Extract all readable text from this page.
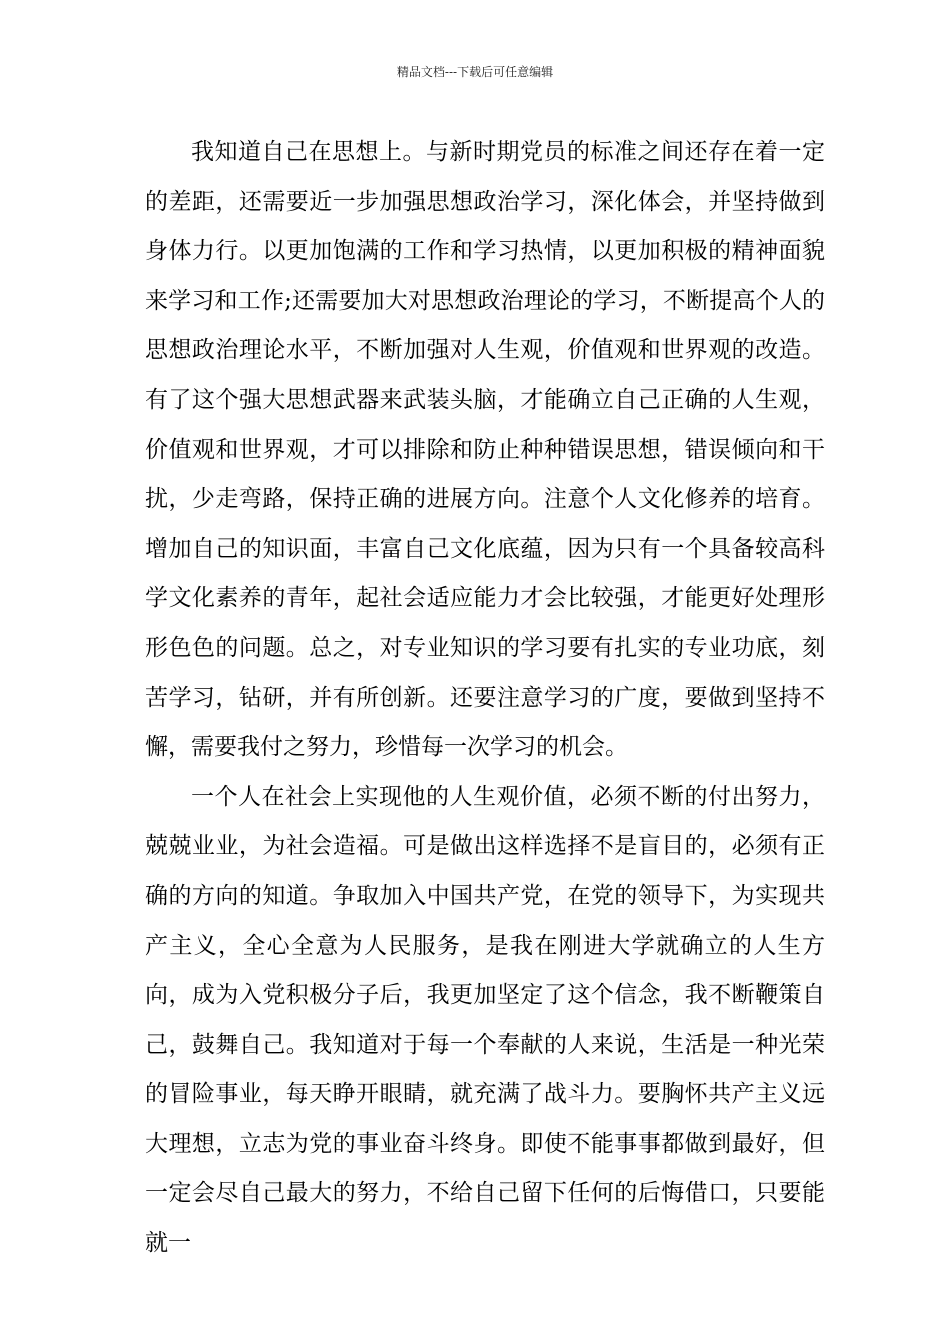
精品文档---下载后可任意编辑

我知道自己在思想上。与新时期党员的标准之间还存在着一定的差距，还需要近一步加强思想政治学习，深化体会，并坚持做到身体力行。以更加饱满的工作和学习热情，以更加积极的精神面貌来学习和工作;还需要加大对思想政治理论的学习，不断提高个人的思想政治理论水平，不断加强对人生观，价值观和世界观的改造。有了这个强大思想武器来武装头脑，才能确立自己正确的人生观，价值观和世界观，才可以排除和防止种种错误思想，错误倾向和干扰，少走弯路，保持正确的进展方向。注意个人文化修养的培育。增加自己的知识面，丰富自己文化底蕴，因为只有一个具备较高科学文化素养的青年，起社会适应能力才会比较强，才能更好处理形形色色的问题。总之，对专业知识的学习要有扎实的专业功底，刻苦学习，钻研，并有所创新。还要注意学习的广度，要做到坚持不懈，需要我付之努力，珍惜每一次学习的机会。

一个人在社会上实现他的人生观价值，必须不断的付出努力，兢兢业业，为社会造福。可是做出这样选择不是盲目的，必须有正确的方向的知道。争取加入中国共产党，在党的领导下，为实现共产主义，全心全意为人民服务，是我在刚进大学就确立的人生方向，成为入党积极分子后，我更加坚定了这个信念，我不断鞭策自己，鼓舞自己。我知道对于每一个奉献的人来说，生活是一种光荣的冒险事业，每天睁开眼睛，就充满了战斗力。要胸怀共产主义远大理想，立志为党的事业奋斗终身。即使不能事事都做到最好，但一定会尽自己最大的努力，不给自己留下任何的后悔借口，只要能就一
